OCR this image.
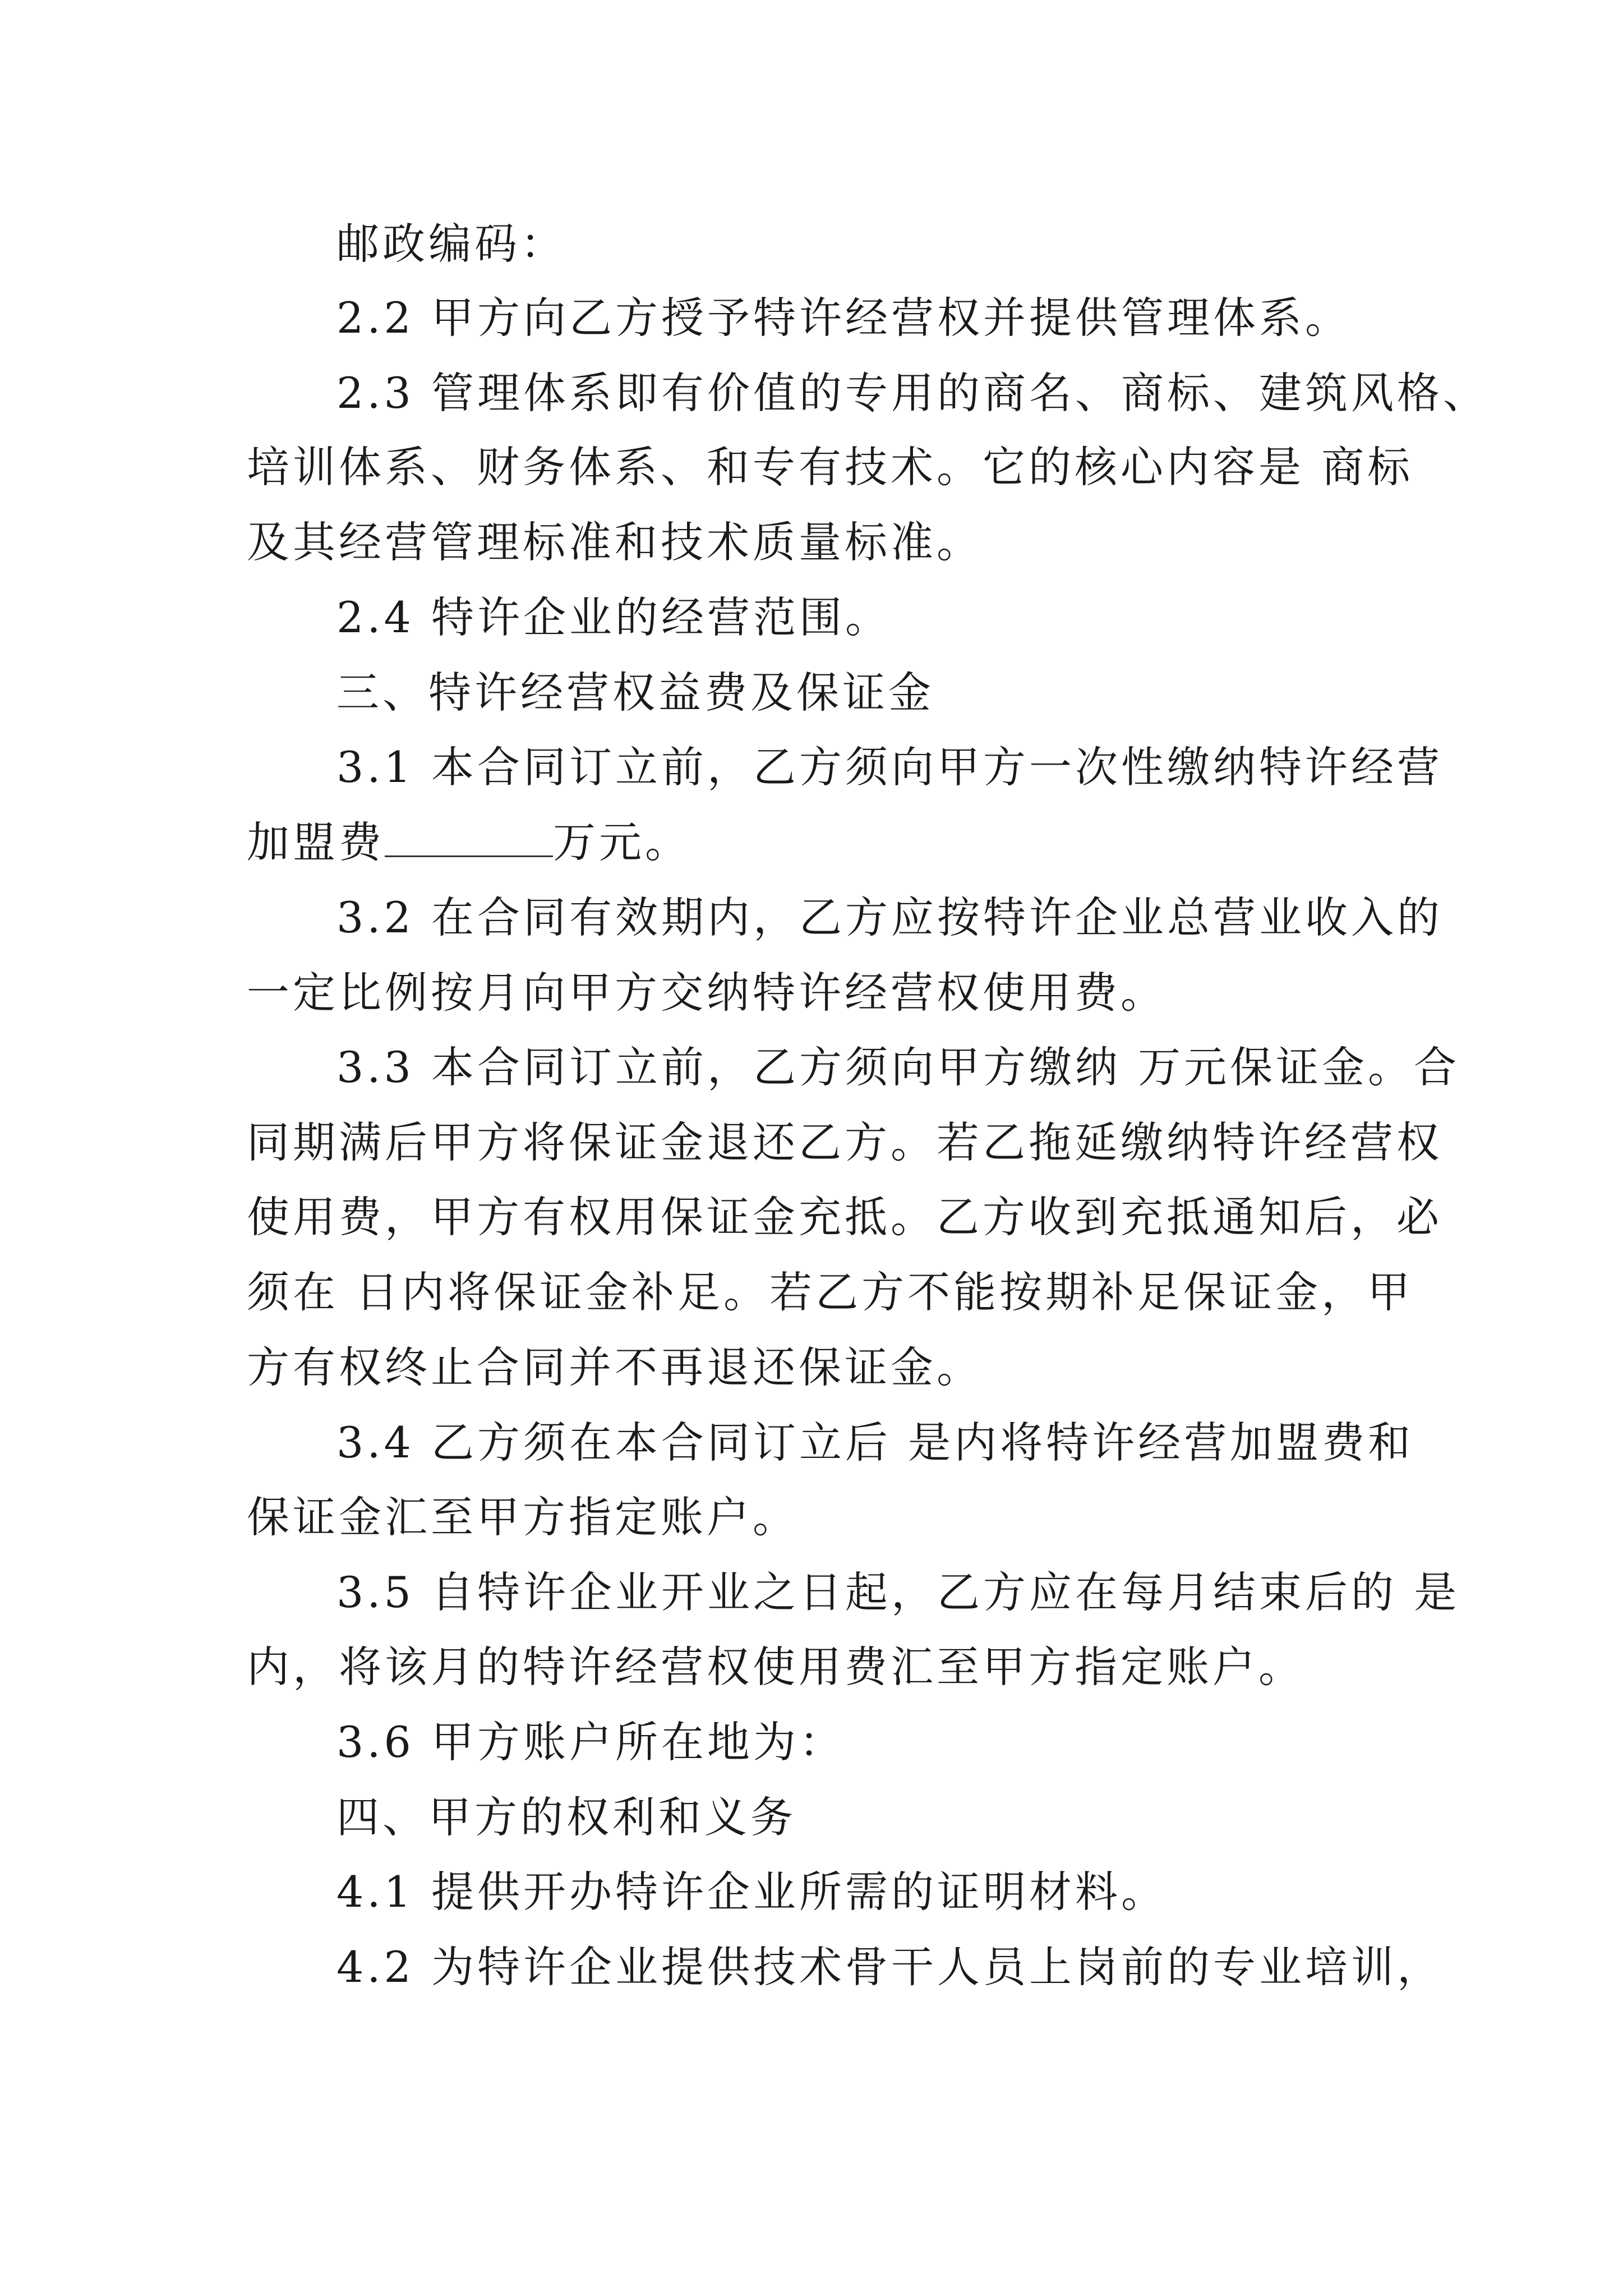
邮政编码：
2.2 甲方向乙方授予特许经营权并提供管理体系。
2.3 管理体系即有价值的专用的商名、商标、建筑风格、
培训体系、财务体系、和专有技术。它的核心内容是 商标
及其经营管理标准和技术质量标准。
2.4 特许企业的经营范围。
三、特许经营权益费及保证金
3.1 本合同订立前，乙方须向甲方一次性缴纳特许经营
加盟费	万元。
3.2 在合同有效期内，乙方应按特许企业总营业收入的
一定比例按月向甲方交纳特许经营权使用费。
3.3 本合同订立前，乙方须向甲方缴纳 万元保证金。合
同期满后甲方将保证金退还乙方。若乙拖延缴纳特许经营权
使用费，甲方有权用保证金充抵。乙方收到充抵通知后，必
须在 日内将保证金补足。若乙方不能按期补足保证金，甲
方有权终止合同并不再退还保证金。
3.4 乙方须在本合同订立后 是内将特许经营加盟费和
保证金汇至甲方指定账户。
3.5 自特许企业开业之日起，乙方应在每月结束后的 是
内，将该月的特许经营权使用费汇至甲方指定账户。
3.6 甲方账户所在地为：
四、甲方的权利和义务
4.1 提供开办特许企业所需的证明材料。
4.2 为特许企业提供技术骨干人员上岗前的专业培训，
